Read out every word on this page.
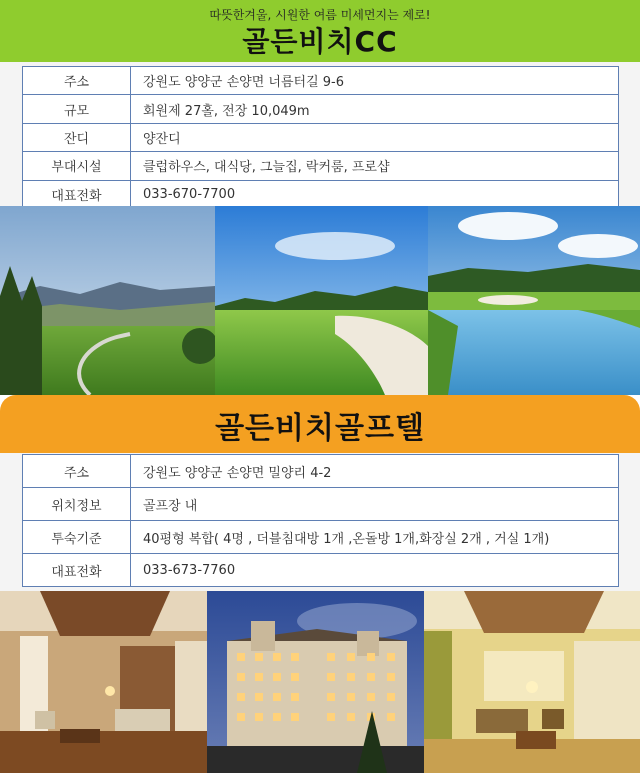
따뜻한겨울, 시원한 여름 미세먼지는 제로!
골든비치CC
주소	강원도 양양군 손양면 너름터길 9-6
규모	회원제 27홀, 전장 10,049m
잔디	양잔디
부대시설	클럽하우스, 대식당, 그늘집, 락커룸, 프로샵
대표전화	033-670-7700
골든비치골프텔
주소	강원도 양양군 손양면 밀양리 4-2
위치정보	골프장 내
투숙기준	40평형 복합( 4명 , 더블침대방 1개 ,온돌방 1개,화장실 2개 , 거실 1개)
대표전화	033-673-7760
